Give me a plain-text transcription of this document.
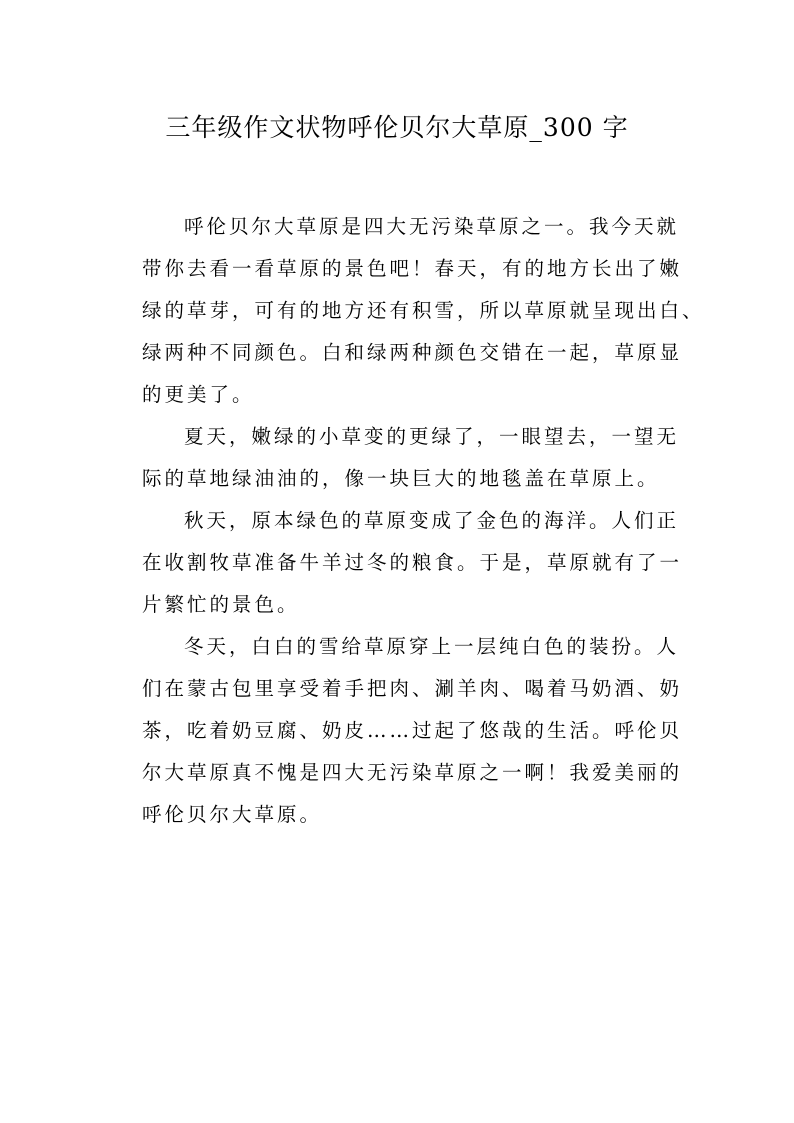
三年级作文状物呼伦贝尔大草原_300 字
呼伦贝尔大草原是四大无污染草原之一。我今天就
带你去看一看草原的景色吧！春天，有的地方长出了嫩
绿的草芽，可有的地方还有积雪，所以草原就呈现出白、
绿两种不同颜色。白和绿两种颜色交错在一起，草原显
的更美了。
夏天，嫩绿的小草变的更绿了，一眼望去，一望无
际的草地绿油油的，像一块巨大的地毯盖在草原上。
秋天，原本绿色的草原变成了金色的海洋。人们正
在收割牧草准备牛羊过冬的粮食。于是，草原就有了一
片繁忙的景色。
冬天，白白的雪给草原穿上一层纯白色的装扮。人
们在蒙古包里享受着手把肉、涮羊肉、喝着马奶酒、奶
茶，吃着奶豆腐、奶皮……过起了悠哉的生活。呼伦贝
尔大草原真不愧是四大无污染草原之一啊！我爱美丽的
呼伦贝尔大草原。
